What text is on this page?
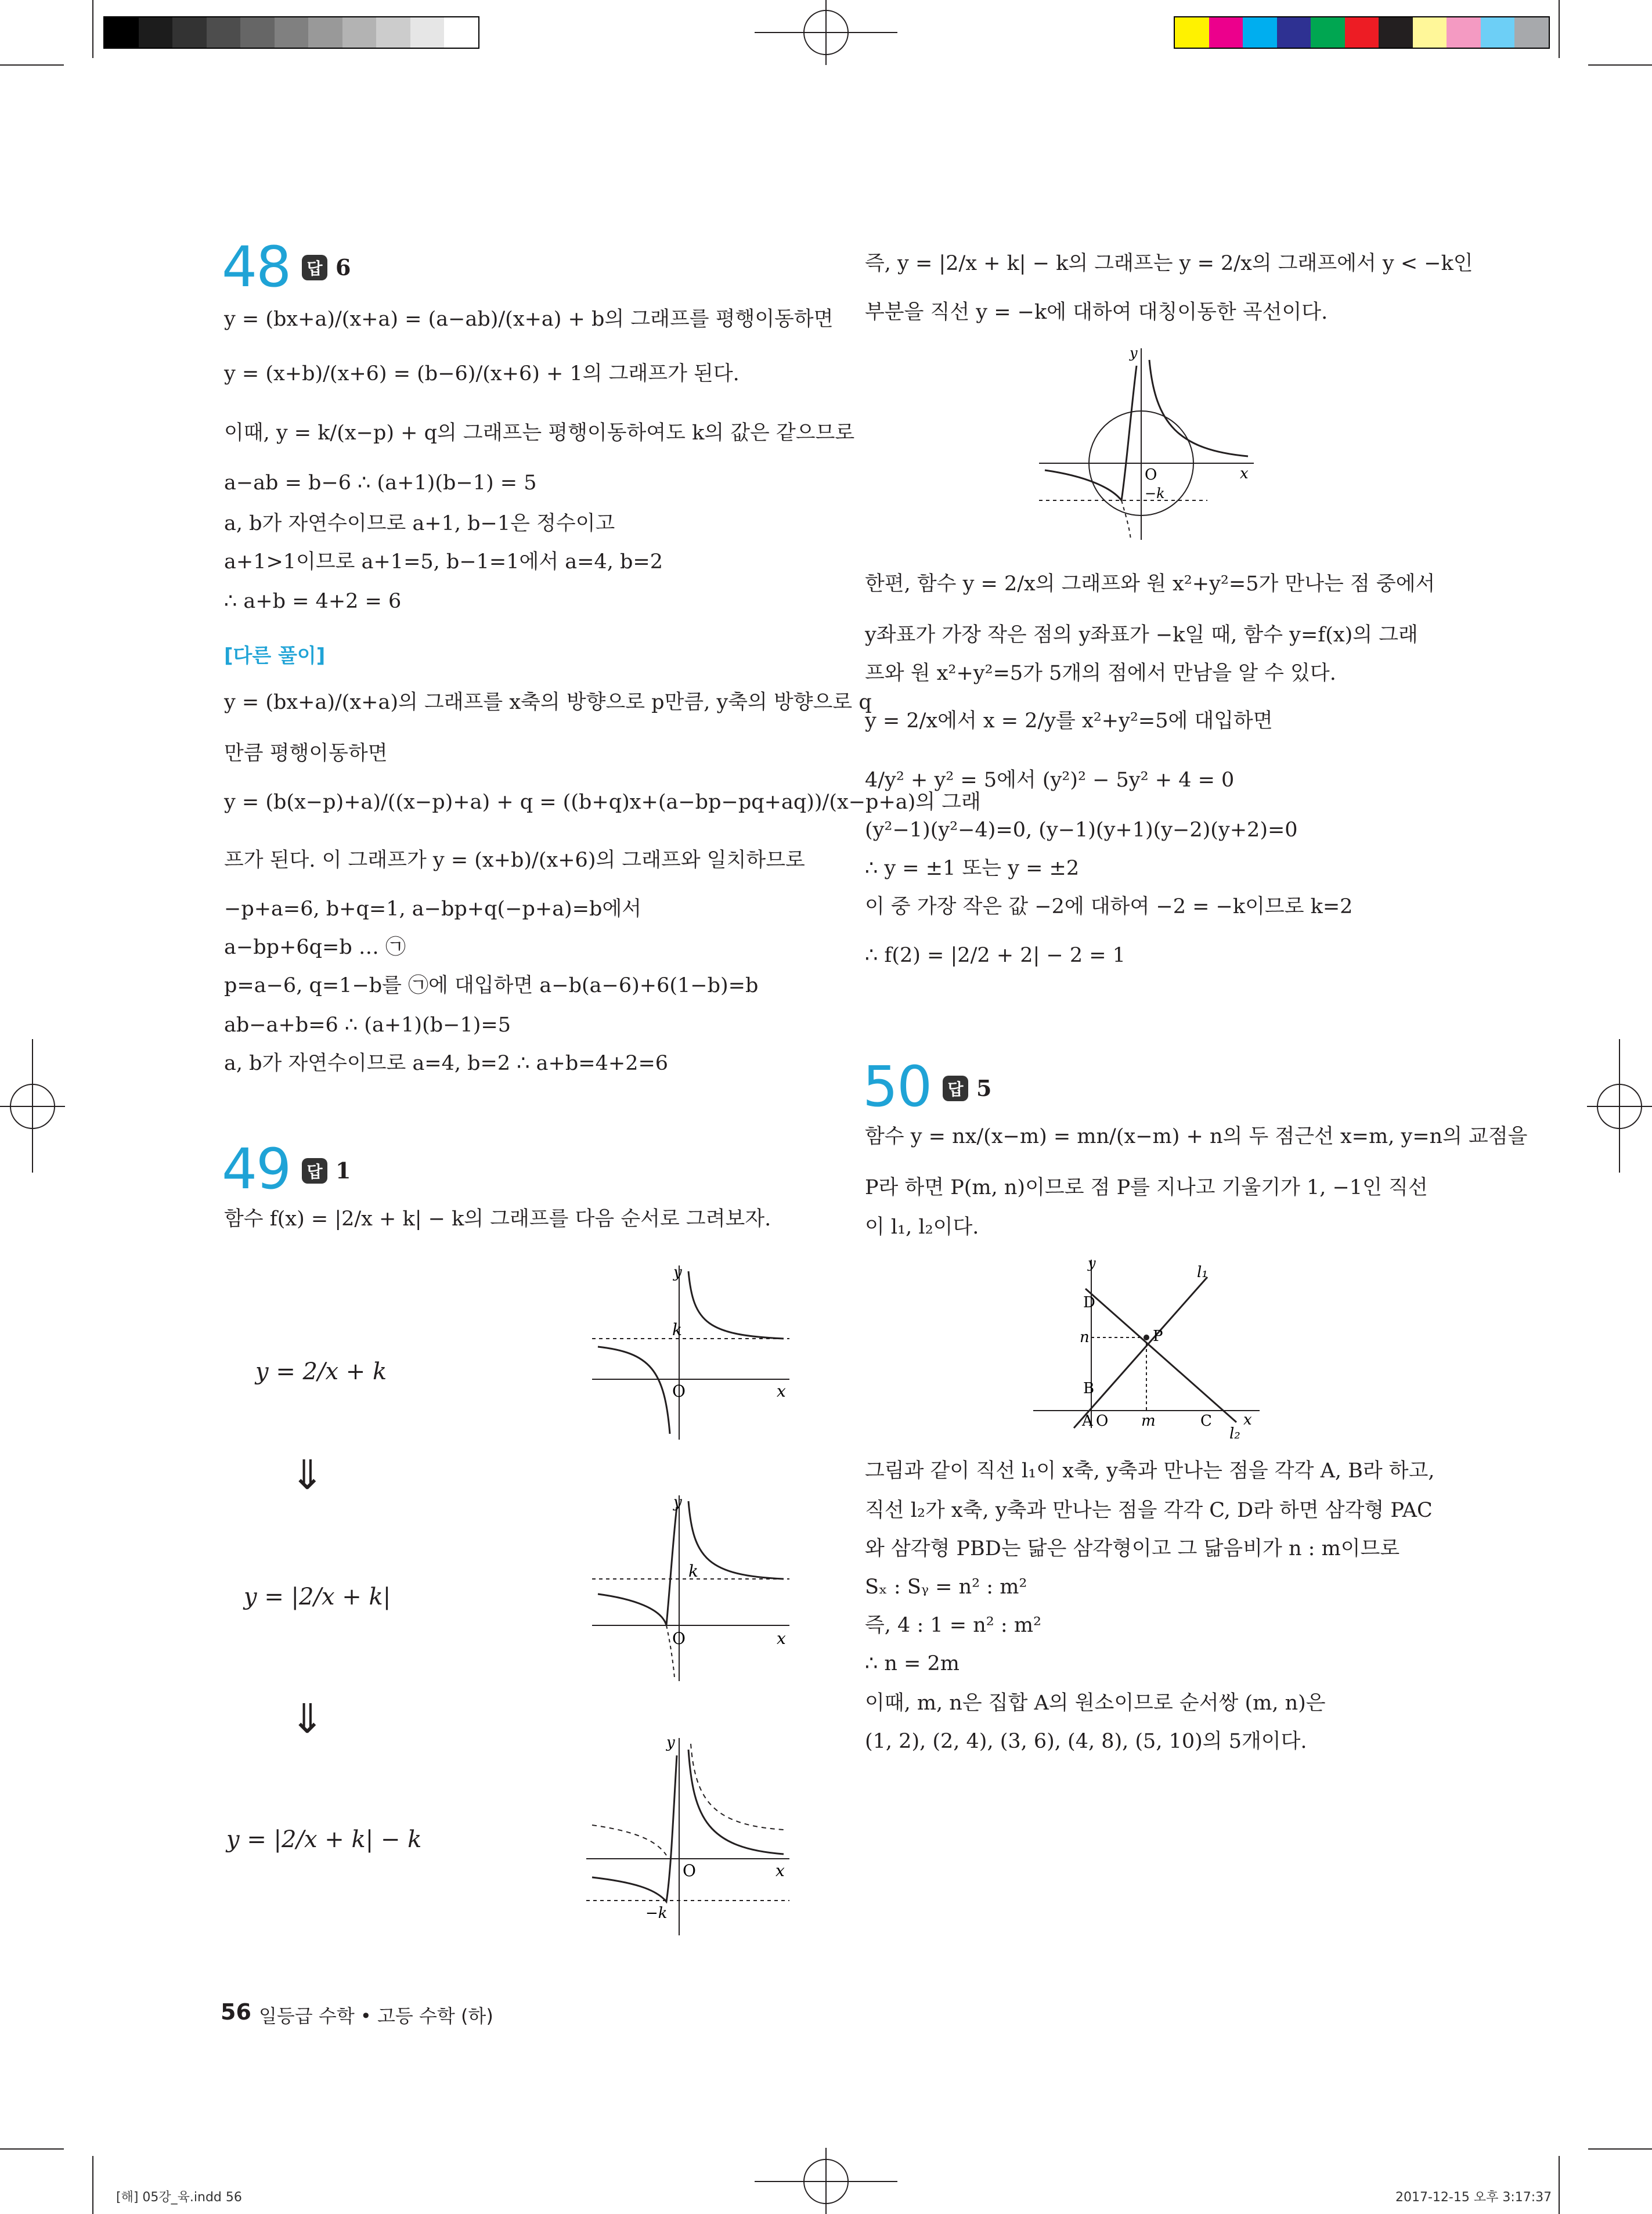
48	답 6
y = (bx+a)/(x+a) = (a−ab)/(x+a) + b의 그래프를 평행이동하면
y = (x+b)/(x+6) = (b−6)/(x+6) + 1의 그래프가 된다.
이때, y = k/(x−p) + q의 그래프는 평행이동하여도 k의 값은 같으므로
a−ab = b−6 ∴ (a+1)(b−1) = 5
a, b가 자연수이므로 a+1, b−1은 정수이고
a+1>1이므로 a+1=5, b−1=1에서 a=4, b=2
∴ a+b = 4+2 = 6
[다른 풀이]
y = (bx+a)/(x+a)의 그래프를 x축의 방향으로 p만큼, y축의 방향으로 q
만큼 평행이동하면
y = (b(x−p)+a)/((x−p)+a) + q = ((b+q)x+(a−bp−pq+aq))/(x−p+a)의 그래
프가 된다. 이 그래프가 y = (x+b)/(x+6)의 그래프와 일치하므로
−p+a=6, b+q=1, a−bp+q(−p+a)=b에서
a−bp+6q=b … ㉠
p=a−6, q=1−b를 ㉠에 대입하면 a−b(a−6)+6(1−b)=b
ab−a+b=6 ∴ (a+1)(b−1)=5
a, b가 자연수이므로 a=4, b=2 ∴ a+b=4+2=6
49	답 1
함수 f(x) = |2/x + k| − k의 그래프를 다음 순서로 그려보자.
y = 2/x + k
y
k
O	x
⇓
y = |2/x + k|
y
k
O	x
⇓
y = |2/x + k| − k
y
O	x
−k
56 일등급 수학 • 고등 수학 (하)
즉, y = |2/x + k| − k의 그래프는 y = 2/x의 그래프에서 y < −k인
부분을 직선 y = −k에 대하여 대칭이동한 곡선이다.
y
O
−k
x
한편, 함수 y = 2/x의 그래프와 원 x²+y²=5가 만나는 점 중에서
y좌표가 가장 작은 점의 y좌표가 −k일 때, 함수 y=f(x)의 그래
프와 원 x²+y²=5가 5개의 점에서 만남을 알 수 있다.
y = 2/x에서 x = 2/y를 x²+y²=5에 대입하면
4/y² + y² = 5에서 (y²)² − 5y² + 4 = 0
(y²−1)(y²−4)=0, (y−1)(y+1)(y−2)(y+2)=0
∴ y = ±1 또는 y = ±2
이 중 가장 작은 값 −2에 대하여 −2 = −k이므로 k=2
∴ f(2) = |2/2 + 2| − 2 = 1
50	답 5
함수 y = nx/(x−m) = mn/(x−m) + n의 두 점근선 x=m, y=n의 교점을
P라 하면 P(m, n)이므로 점 P를 지나고 기울기가 1, −1인 직선
이 l₁, l₂이다.
y
l₁
D
n	P
B
A O m	C
l₂
x
그림과 같이 직선 l₁이 x축, y축과 만나는 점을 각각 A, B라 하고,
직선 l₂가 x축, y축과 만나는 점을 각각 C, D라 하면 삼각형 PAC
와 삼각형 PBD는 닮은 삼각형이고 그 닮음비가 n : m이므로
Sₓ : Sᵧ = n² : m²
즉, 4 : 1 = n² : m²
∴ n = 2m
이때, m, n은 집합 A의 원소이므로 순서쌍 (m, n)은
(1, 2), (2, 4), (3, 6), (4, 8), (5, 10)의 5개이다.
[해] 05강_육.indd 56	2017-12-15 오후 3:17:37
